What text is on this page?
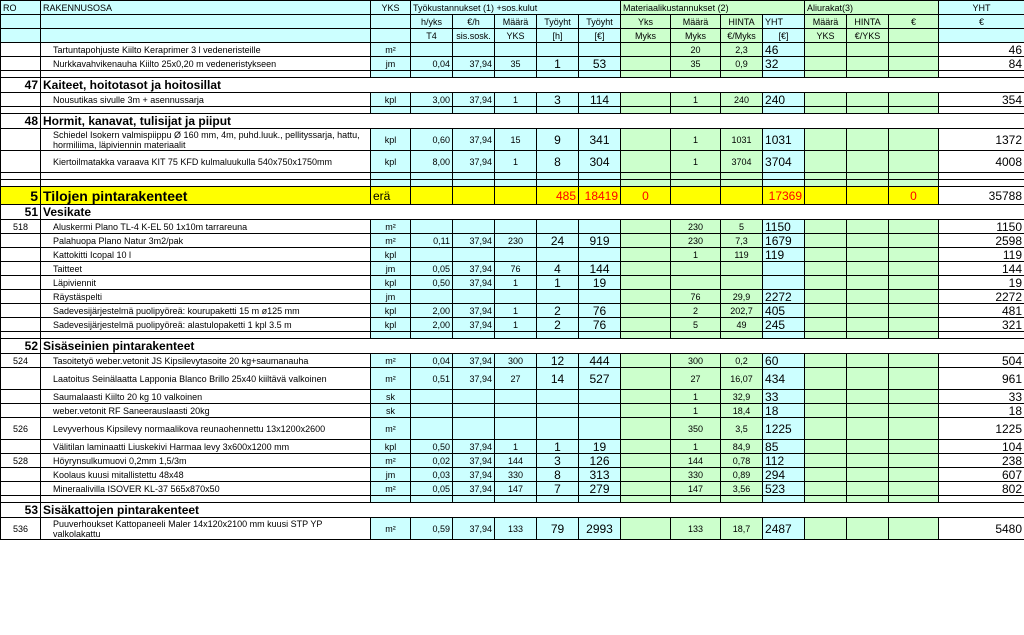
RO	RAKENNUSOSA	YKS	Työkustannukset (1) +sos.kulut					Materiaalikustannukset (2)				Aliurakat(3)			YHT
			h/yks	€/h	Määrä	Työyht	Työyht	Yks	Määrä	HINTA	YHT	Määrä	HINTA	€	€
			T4	sis.sosk.	YKS	[h]	[€]	Myks	Myks	€/Myks	[€]	YKS	€/YKS		
	Tartuntapohjuste Kiilto Keraprimer 3 l vedeneristeille	m²							20	2,3	46				46
	Nurkkavahvikenauha Kiilto 25x0,20 m vedeneristykseen	jm	0,04	37,94	35	1	53		35	0,9	32				84

47	Kaiteet, hoitotasot ja hoitosillat														
	Nousutikas sivulle 3m + asennussarja	kpl	3,00	37,94	1	3	114		1	240	240				354

48	Hormit, kanavat, tulisijat ja piiput														
	Schiedel Isokern valmispiippu Ø 160 mm, 4m, puhd.luuk., pellityssarja, hattu, hormiliima, läpiviennin materiaalit	kpl	0,60	37,94	15	9	341		1	1031	1031				1372
	Kiertoilmatakka varaava KIT 75 KFD kulmaluukulla 540x750x1750mm	kpl	8,00	37,94	1	8	304		1	3704	3704				4008

5	Tilojen pintarakenteet	erä				485	18419	0			17369			0	35788
51	Vesikate														
518	Aluskermi Plano TL-4 K-EL 50 1x10m tarrareuna	m²							230	5	1150				1150
	Palahuopa Plano Natur 3m2/pak	m²	0,11	37,94	230	24	919		230	7,3	1679				2598
	Kattokitti Icopal 10 l	kpl							1	119	119				119
	Taitteet	jm	0,05	37,94	76	4	144								144
	Läpiviennit	kpl	0,50	37,94	1	1	19								19
	Räystäspelti	jm							76	29,9	2272				2272
	Sadevesijärjestelmä puolipyöreä: kourupaketti 15 m ø125 mm	kpl	2,00	37,94	1	2	76		2	202,7	405				481
	Sadevesijärjestelmä puolipyöreä: alastulopaketti 1 kpl 3.5 m	kpl	2,00	37,94	1	2	76		5	49	245				321

52	Sisäseinien pintarakenteet														
524	Tasoitetyö weber.vetonit JS Kipsilevytasoite 20 kg+saumanauha	m²	0,04	37,94	300	12	444		300	0,2	60				504
	Laatoitus Seinälaatta Lapponia Blanco Brillo 25x40 kiiltävä valkoinen	m²	0,51	37,94	27	14	527		27	16,07	434				961
	Saumalaasti Kiilto 20 kg 10 valkoinen	sk							1	32,9	33				33
	weber.vetonit RF Saneerauslaasti 20kg	sk							1	18,4	18				18
526	Levyverhous Kipsilevy normaalikova reunaohennettu 13x1200x2600	m²							350	3,5	1225				1225
	Välitilan laminaatti Liuskekivi Harmaa levy 3x600x1200 mm	kpl	0,50	37,94	1	1	19		1	84,9	85				104
528	Höyrynsulkumuovi 0,2mm 1,5/3m	m²	0,02	37,94	144	3	126		144	0,78	112				238
	Koolaus kuusi mitallistettu 48x48	jm	0,03	37,94	330	8	313		330	0,89	294				607
	Mineraalivilla ISOVER KL-37 565x870x50	m²	0,05	37,94	147	7	279		147	3,56	523				802

53	Sisäkattojen pintarakenteet														
536	Puuverhoukset Kattopaneeli Maler 14x120x2100 mm kuusi STP YP valkolakattu	m²	0,59	37,94	133	79	2993		133	18,7	2487				5480
